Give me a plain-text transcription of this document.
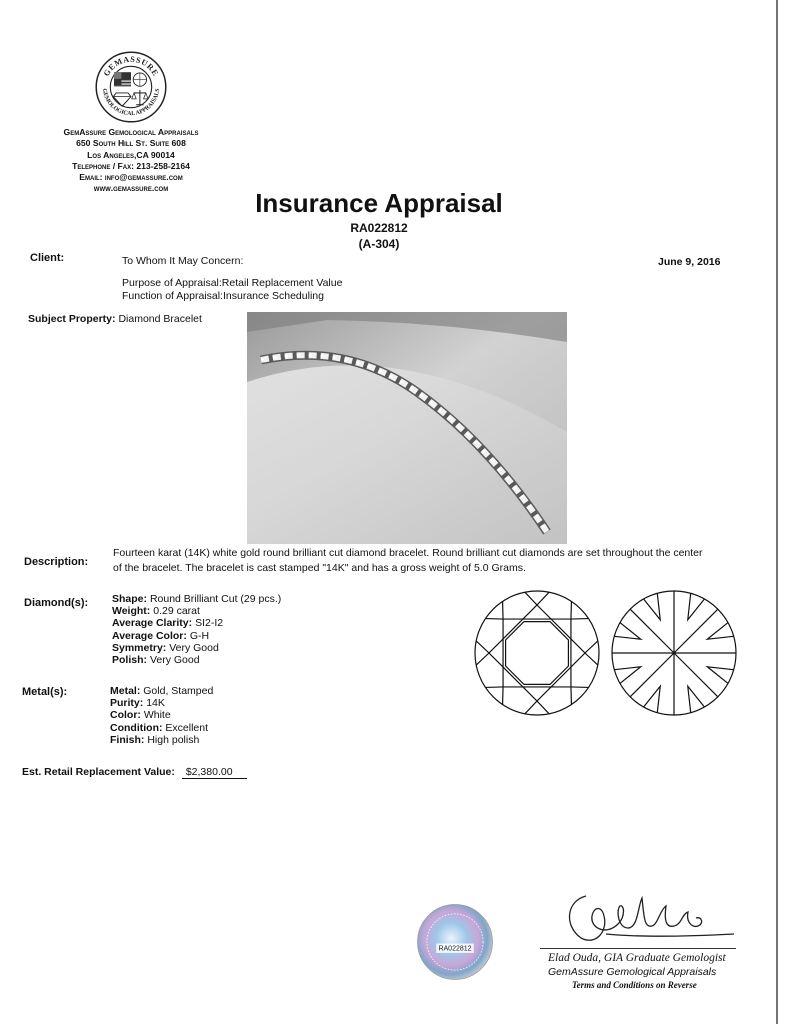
GEMASSURE
GEMOLOGICAL APPRAISALS
GemAssure Gemological Appraisals
650 South Hill St. Suite 608
Los Angeles,CA 90014
Telephone / Fax: 213-258-2164
Email: info@gemassure.com
www.gemassure.com	Insurance Appraisal
RA022812
(A-304)
Client:	To Whom It May Concern:	June 9, 2016
Purpose of Appraisal:Retail Replacement Value
Function of Appraisal:Insurance Scheduling
Subject Property: Diamond Bracelet
Description:
Fourteen karat (14K) white gold round brilliant cut diamond bracelet. Round brilliant cut diamonds are set throughout the center of the bracelet. The bracelet is cast stamped "14K" and has a gross weight of 5.0 Grams.
Diamond(s): Shape: Round Brilliant Cut (29 pcs.)
Weight: 0.29 carat
Average Clarity: SI2-I2
Average Color: G-H
Symmetry: Very Good
Polish: Very Good
Metal(s):	Metal: Gold, Stamped
Purity: 14K
Color: White
Condition: Excellent
Finish: High polish
Est. Retail Replacement Value: $2,380.00
RA022812
Elad Ouda, GIA Graduate Gemologist
GemAssure Gemological Appraisals
Terms and Conditions on Reverse
